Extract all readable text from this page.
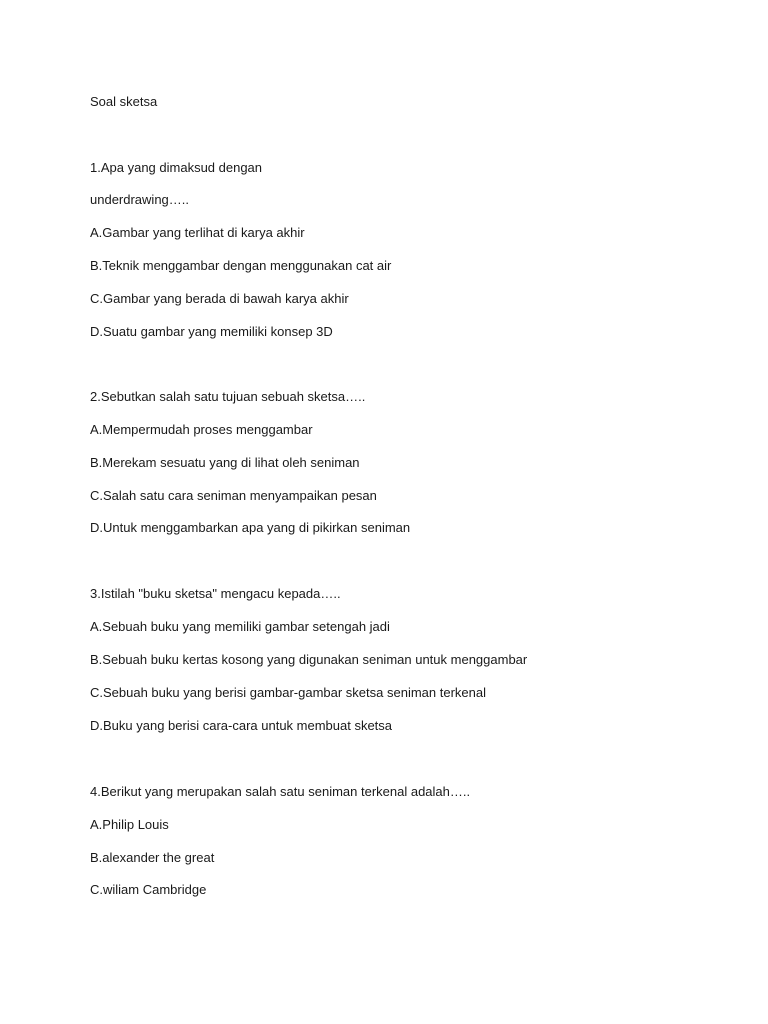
Soal sketsa
1.Apa yang dimaksud dengan
underdrawing…..
A.Gambar yang terlihat di karya akhir
B.Teknik menggambar dengan menggunakan cat air
C.Gambar yang berada di bawah karya akhir
D.Suatu gambar yang memiliki konsep 3D
2.Sebutkan salah satu tujuan sebuah sketsa…..
A.Mempermudah proses menggambar
B.Merekam sesuatu yang di lihat oleh seniman
C.Salah satu cara seniman menyampaikan pesan
D.Untuk menggambarkan apa yang di pikirkan seniman
3.Istilah "buku sketsa" mengacu kepada…..
A.Sebuah buku yang memiliki gambar setengah jadi
B.Sebuah buku kertas kosong yang digunakan seniman untuk menggambar
C.Sebuah buku yang berisi gambar-gambar sketsa seniman terkenal
D.Buku yang berisi cara-cara untuk membuat sketsa
4.Berikut yang merupakan salah satu seniman terkenal adalah…..
A.Philip Louis
B.alexander the great
C.wiliam Cambridge
